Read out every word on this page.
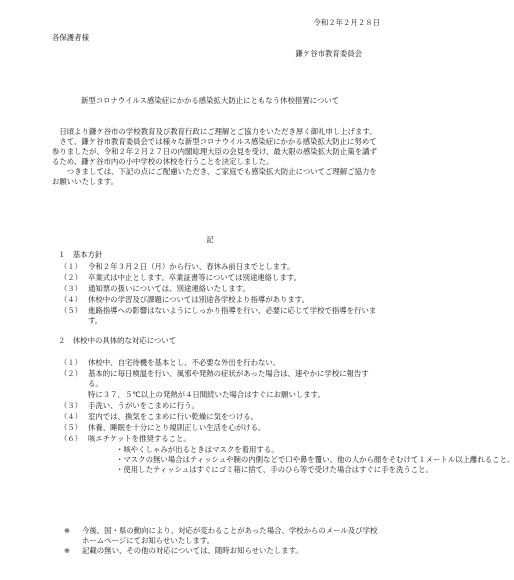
令和２年２月２８日
各保護者様
鎌ケ谷市教育委員会
新型コロナウイルス感染症にかかる感染拡大防止にともなう休校措置について

日頃より鎌ケ谷市の学校教育及び教育行政にご理解とご協力をいただき厚く御礼申し上げます。

さて、鎌ケ谷市教育委員会では様々な新型コロナウイルス感染症にかかる感染拡大防止に努めて参りましたが、令和２年２月２７日の内閣総理大臣の会見を受け、最大限の感染拡大防止策を講ずるため、鎌ケ谷市内の小中学校の休校を行うことを決定しました。

つきましては、下記の点にご配慮いただき、ご家庭でも感染拡大防止についてご理解ご協力をお願いいたします。

記
１　基本方針
（１） 令和２年３月２日（月）から行い、春休み前日までとします。
（２） 卒業式は中止とします。卒業証書等については別途連絡します。
（３） 通知票の扱いについては、別途連絡いたします。
（４） 休校中の学習及び課題については別途各学校より指導があります。
（５） 進路指導への影響はないようにしっかり指導を行い、必要に応じて学校で指導を行います。
２　休校中の具体的な対応について
（１） 休校中、自宅待機を基本とし、不必要な外出を行わない。
（２） 基本的に毎日検温を行い、風邪や発熱の症状があった場合は、速やかに学校に報告する。
特に３７．５℃以上の発熱が４日間続いた場合はすぐにお願いします。
（３） 手洗い、うがいをこまめに行う。
（４） 室内では、換気をこまめに行い乾燥に気をつける。
（５） 休養、睡眠を十分にとり規則正しい生活を心がける。
（６） 咳エチケットを推奨すること。
・咳やくしゃみが出るときはマスクを着用する。
・マスクの無い場合はティッシュや腕の内側などで口や鼻を覆い、他の人から顔をそむけて１メートル以上離れること。
・使用したティッシュはすぐにゴミ箱に捨て、手のひら等で受けた場合はすぐに手を洗うこと。
※	今後、国・県の動向により、対応が変わることがあった場合、学校からのメール及び学校ホームページにてお知らせいたします。
※	記載の無い、その他の対応については、随時お知らせいたします。
